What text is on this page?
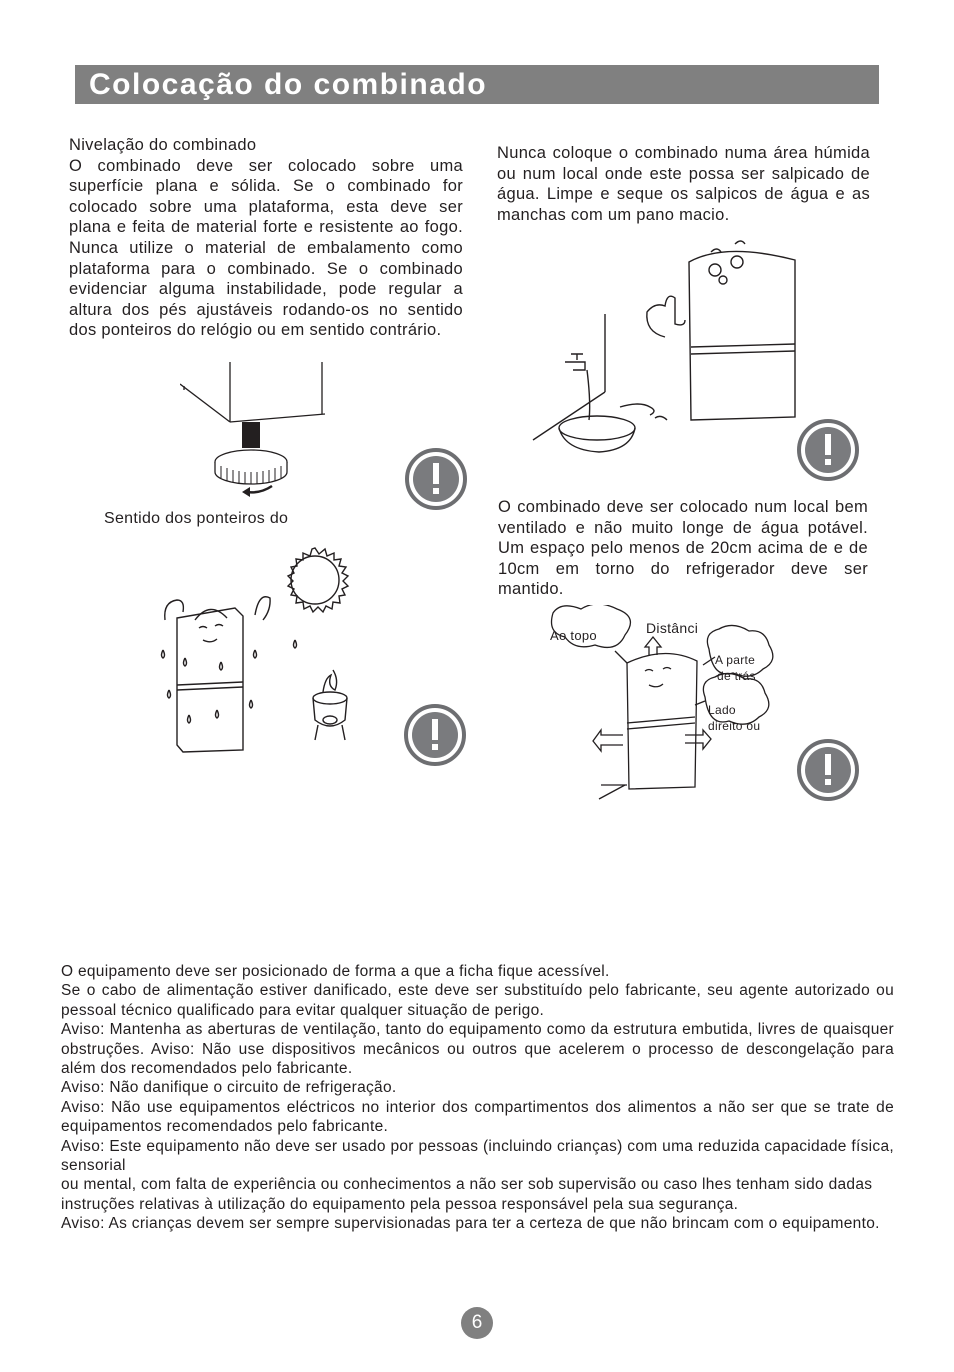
Colocação do combinado

Nivelação do combinado

O combinado deve ser colocado sobre uma superfície plana e sólida. Se o combinado for colocado sobre uma plataforma, esta deve ser plana e feita de material forte e resistente ao fogo. Nunca utilize o material de embalamento como plataforma para o combinado. Se o combinado evidenciar alguma instabilidade, pode regular a altura dos pés ajustáveis rodando-os no sentido dos ponteiros do relógio ou em sentido contrário.

Sentido dos ponteiros do

Nunca coloque o combinado numa área húmida ou num local onde este possa ser salpicado de água. Limpe e seque os salpicos de água e as manchas com um pano macio.

O combinado deve ser colocado num local bem ventilado e não muito longe de água potável. Um espaço pelo menos de 20cm acima de e de 10cm em torno do refrigerador deve ser mantido.

Ao topo	Distânci
A parte
de trás
Lado
direito ou

O equipamento deve ser posicionado de forma a que a ficha fique acessível.

Se o cabo de alimentação estiver danificado, este deve ser substituído pelo fabricante, seu agente autorizado ou pessoal técnico qualificado para evitar qualquer situação de perigo.

Aviso: Mantenha as aberturas de ventilação, tanto do equipamento como da estrutura embutida, livres de quaisquer obstruções. Aviso: Não use dispositivos mecânicos ou outros que acelerem o processo de descongelação para além dos recomendados pelo fabricante.

Aviso: Não danifique o circuito de refrigeração.

Aviso: Não use equipamentos eléctricos no interior dos compartimentos dos alimentos a não ser que se trate de equipamentos recomendados pelo fabricante.

Aviso: Este equipamento não deve ser usado por pessoas (incluindo crianças) com uma reduzida capacidade física, sensorial

ou mental, com falta de experiência ou conhecimentos a não ser sob supervisão ou caso lhes tenham sido dadas

instruções relativas à utilização do equipamento pela pessoa responsável pela sua segurança.

Aviso: As crianças devem ser sempre supervisionadas para ter a certeza de que não brincam com o equipamento.

6
